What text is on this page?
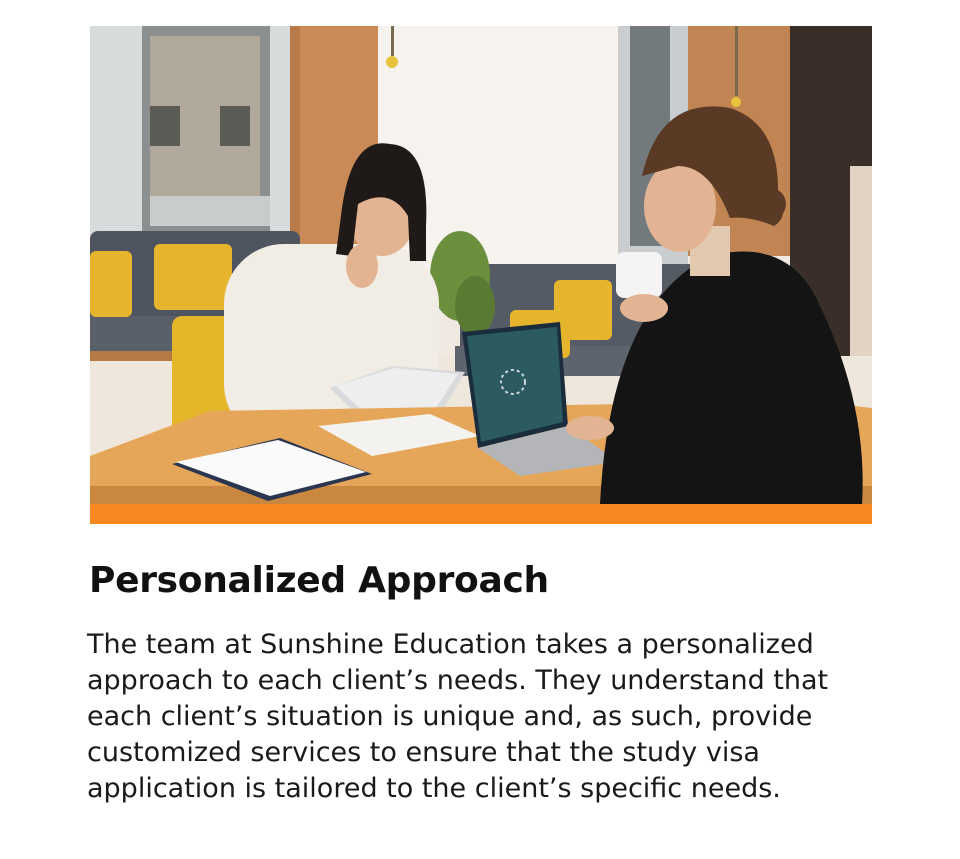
Personalized Approach

The team at Sunshine Education takes a personalized approach to each client’s needs. They understand that each client’s situation is unique and, as such, provide customized services to ensure that the study visa application is tailored to the client’s specific needs.
